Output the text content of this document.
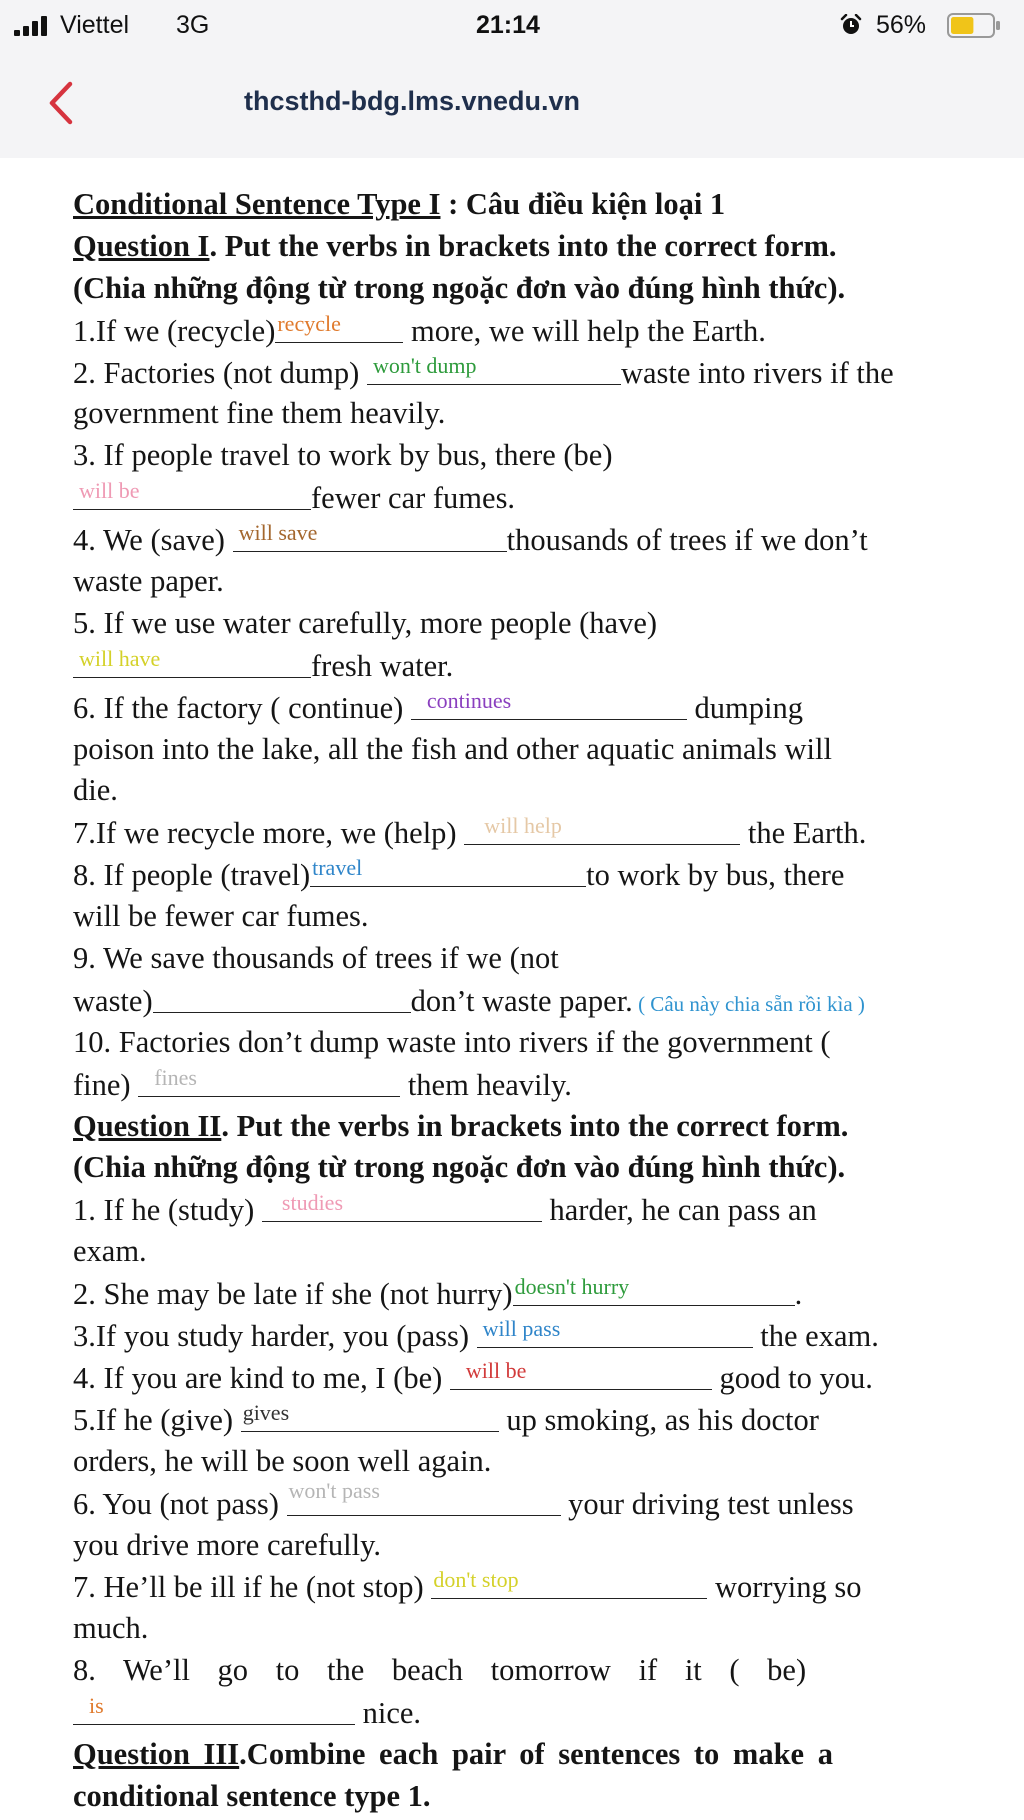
Viettel 3G	21:14	56%
thcsthd-bdg.lms.vnedu.vn
Conditional Sentence Type I : Câu điều kiện loại 1
Question I. Put the verbs in brackets into the correct form.
(Chia những động từ trong ngoặc đơn vào đúng hình thức).
1.If we (recycle) recycle more, we will help the Earth.
2. Factories (not dump) won't dump	waste into rivers if the
government fine them heavily.
3. If people travel to work by bus, there (be)
will be	fewer car fumes.
4. We (save) will save	thousands of trees if we don’t
waste paper.
5. If we use water carefully, more people (have)
will have	fresh water.
6. If the factory ( continue) continues	dumping
poison into the lake, all the fish and other aquatic animals will
die.
7.If we recycle more, we (help) will help	the Earth.
8. If people (travel) travel	to work by bus, there
will be fewer car fumes.
9. We save thousands of trees if we (not
waste)	don’t waste paper. ( Câu này chia sẵn rồi kìa )
10. Factories don’t dump waste into rivers if the government (
fine) fines	them heavily.
Question II. Put the verbs in brackets into the correct form.
(Chia những động từ trong ngoặc đơn vào đúng hình thức).
1. If he (study) studies	harder, he can pass an
exam.
2. She may be late if she (not hurry) doesn't hurry	.
3.If you study harder, you (pass) will pass	the exam.
4. If you are kind to me, I (be) will be	good to you.
5.If he (give) gives	up smoking, as his doctor
orders, he will be soon well again.
6. You (not pass) won't pass	your driving test unless
you drive more carefully.
7. He’ll be ill if he (not stop) don't stop	worrying so
much.
8. We’ll go to the beach tomorrow if it ( be)
is	nice.
Question III.Combine each pair of sentences to make a
conditional sentence type 1.
